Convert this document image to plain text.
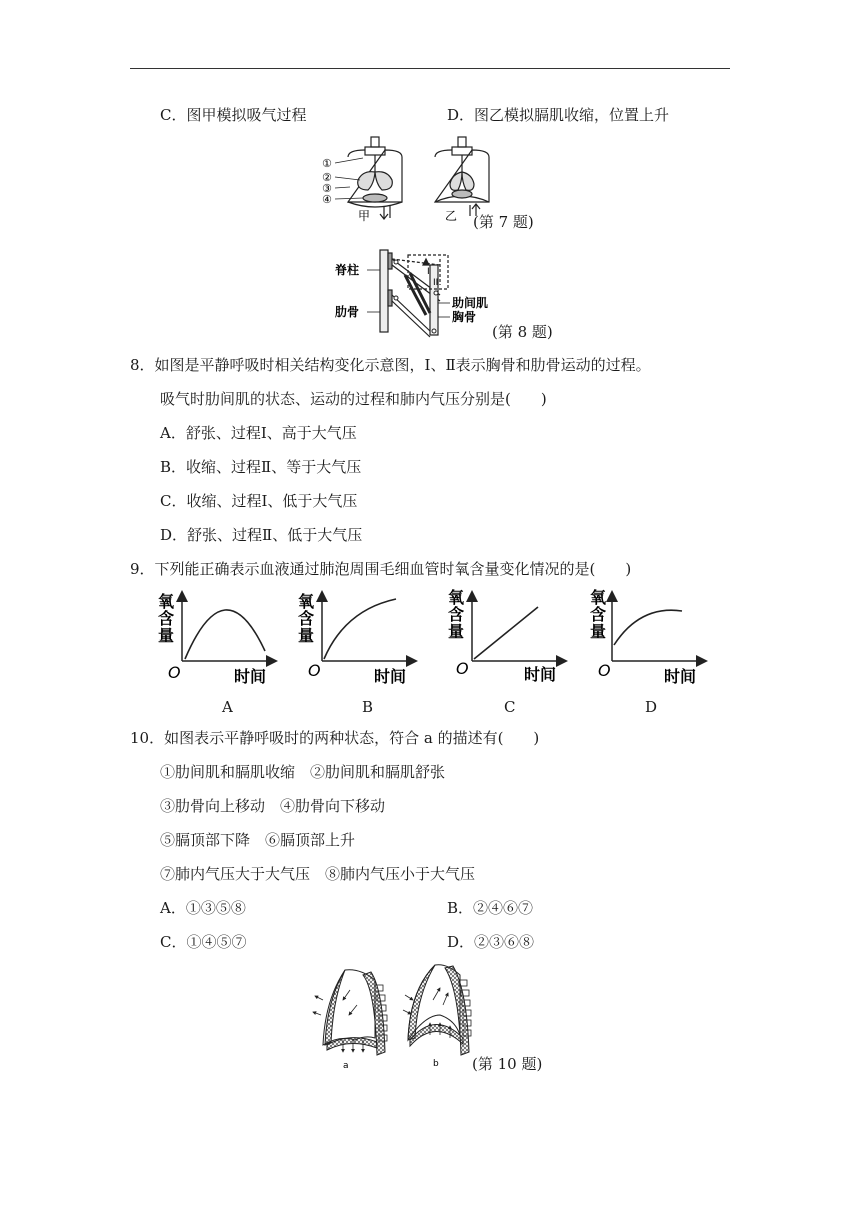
C．图甲模拟吸气过程	D．图乙模拟膈肌收缩，位置上升
①
②
③
④
甲	乙 (第 7 题)
I
II
脊柱
肋骨
助间肌
胸骨
(第 8 题)
8．如图是平静呼吸时相关结构变化示意图，Ⅰ、Ⅱ表示胸骨和肋骨运动的过程。
吸气时肋间肌的状态、运动的过程和肺内气压分别是(　　)
A．舒张、过程Ⅰ、高于大气压
B．收缩、过程Ⅱ、等于大气压
C．收缩、过程Ⅰ、低于大气压
D．舒张、过程Ⅱ、低于大气压
9．下列能正确表示血液通过肺泡周围毛细血管时氧含量变化情况的是(　　)
氧
含
量
O	时间
氧
含
量
O	时间
氧
含
量
O	时间
氧
含
量
O	时间
A	B	C	D
10．如图表示平静呼吸时的两种状态，符合 a 的描述有(　　)
①肋间肌和膈肌收缩　②肋间肌和膈肌舒张
③肋骨向上移动　④肋骨向下移动
⑤膈顶部下降　⑥膈顶部上升
⑦肺内气压大于大气压　⑧肺内气压小于大气压
A．①③⑤⑧	B．②④⑥⑦
C．①④⑤⑦	D．②③⑥⑧
a	b (第 10 题)
